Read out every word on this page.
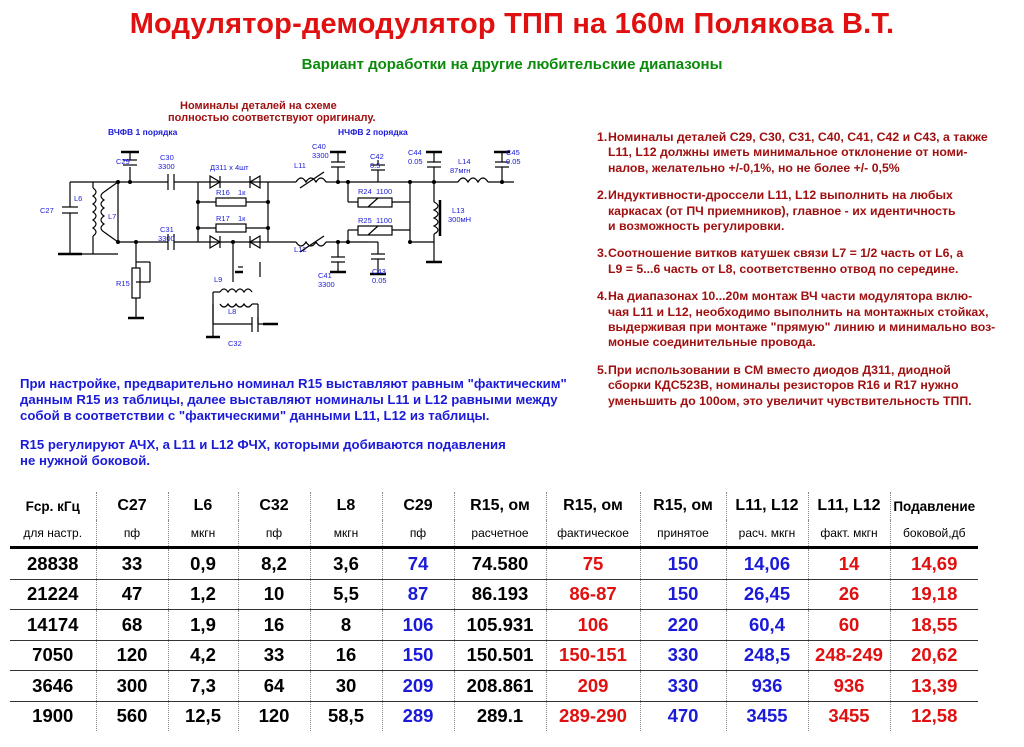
Модулятор-демодулятор ТПП на 160м Полякова В.Т.
Вариант доработки на другие любительские диапазоны
Номиналы деталей на схеме
полностью соответствуют оригиналу.
ВЧФВ 1 порядка	НЧФВ 2 порядка
C29	C30
3300
C27
L6
L7
Д311 x 4шт
R16 1к
R17 1к
C31
3300
R15	L9
L8
C32
L11
L12
C40
3300
C41
3300
C42
0.5
C43
0.05
C44
0.05
C45
0.05
R24 1100
R25 1100
L14
87мгн
L13
300мН
1. Номиналы деталей C29, C30, C31, C40, C41, C42 и C43, а также
L11, L12 должны иметь минимальное отклонение от номи-
налов, желательно +/-0,1%, но не более +/- 0,5%
2. Индуктивности-дроссели L11, L12 выполнить на любых
каркасах (от ПЧ приемников), главное - их идентичность
и возможность регулировки.
3. Соотношение витков катушек связи L7 = 1/2 часть от L6, а
L9 = 5...6 часть от L8, соответственно отвод по середине.
4. На диапазонах 10...20м монтаж ВЧ части модулятора вклю-
чая L11 и L12, необходимо выполнить на монтажных стойках,
выдерживая при монтаже "прямую" линию и минимально воз-
моные соединительные провода.
5. При использовании в СМ вместо диодов Д311, диодной
сборки КДС523В, номиналы резисторов R16 и R17 нужно
уменьшить до 100ом, это увеличит чувствительность ТПП.

При настройке, предварительно номинал R15 выставляют равным "фактическим"
данным R15 из таблицы, далее выставляют номиналы L11 и L12 равными между
собой в соответствии с "фактическими" данными L11, L12 из таблицы.

R15 регулируют АЧХ, а L11 и L12 ФЧХ, которыми добиваются подавления
не нужной боковой.

Fср. кГц	C27	L6	C32	L8	C29	R15, ом	R15, ом	R15, ом	L11, L12	L11, L12	Подавление
для настр.	пф	мкгн	пф	мкгн	пф	расчетное	фактическое	принятое	расч. мкгн	факт. мкгн	боковой,дб
28838	33	0,9	8,2	3,6	74	74.580	75	150	14,06	14	14,69
21224	47	1,2	10	5,5	87	86.193	86-87	150	26,45	26	19,18
14174	68	1,9	16	8	106	105.931	106	220	60,4	60	18,55
7050	120	4,2	33	16	150	150.501	150-151	330	248,5	248-249	20,62
3646	300	7,3	64	30	209	208.861	209	330	936	936	13,39
1900	560	12,5	120	58,5	289	289.1	289-290	470	3455	3455	12,58
